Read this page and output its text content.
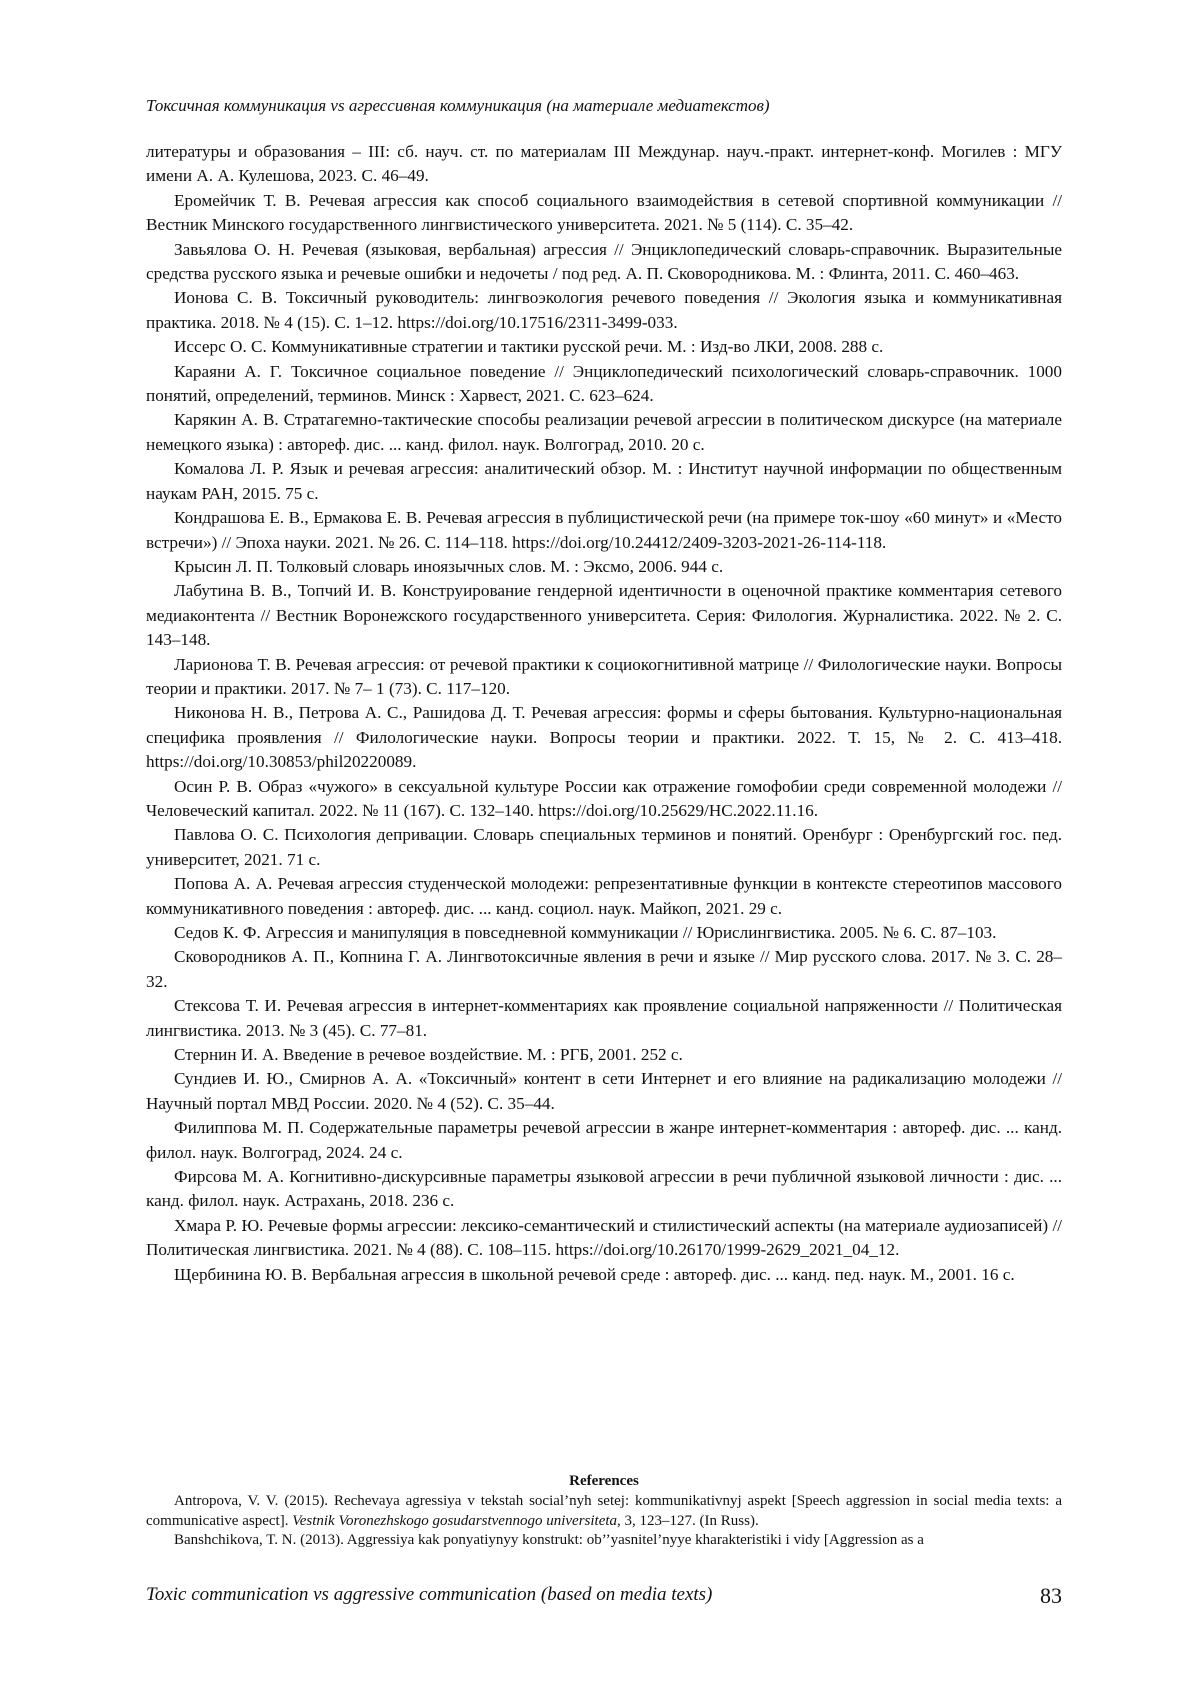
Токсичная коммуникация vs агрессивная коммуникация (на материале медиатекстов)

литературы и образования – III: сб. науч. ст. по материалам III Междунар. науч.-практ. интернет-конф. Могилев : МГУ имени А. А. Кулешова, 2023. С. 46–49.

Еромейчик Т. В. Речевая агрессия как способ социального взаимодействия в сетевой спортивной коммуникации // Вестник Минского государственного лингвистического университета. 2021. № 5 (114). С. 35–42.

Завьялова О. Н. Речевая (языковая, вербальная) агрессия // Энциклопедический словарь-справочник. Выразительные средства русского языка и речевые ошибки и недочеты / под ред. А. П. Сковородникова. М. : Флинта, 2011. С. 460–463.

Ионова С. В. Токсичный руководитель: лингвоэкология речевого поведения // Экология языка и коммуникативная практика. 2018. № 4 (15). С. 1–12. https://doi.org/10.17516/2311-3499-033.

Иссерс О. С. Коммуникативные стратегии и тактики русской речи. М. : Изд-во ЛКИ, 2008. 288 с.

Караяни А. Г. Токсичное социальное поведение // Энциклопедический психологический словарь-справочник. 1000 понятий, определений, терминов. Минск : Харвест, 2021. С. 623–624.

Карякин А. В. Стратагемно-тактические способы реализации речевой агрессии в политическом дискурсе (на материале немецкого языка) : автореф. дис. ... канд. филол. наук. Волгоград, 2010. 20 с.

Комалова Л. Р. Язык и речевая агрессия: аналитический обзор. М. : Институт научной информации по общественным наукам РАН, 2015. 75 с.

Кондрашова Е. В., Ермакова Е. В. Речевая агрессия в публицистической речи (на примере ток-шоу «60 минут» и «Место встречи») // Эпоха науки. 2021. № 26. С. 114–118. https://doi.org/10.24412/2409-3203-2021-26-114-118.

Крысин Л. П. Толковый словарь иноязычных слов. М. : Эксмо, 2006. 944 с.

Лабутина В. В., Топчий И. В. Конструирование гендерной идентичности в оценочной практике комментария сетевого медиаконтента // Вестник Воронежского государственного университета. Серия: Филология. Журналистика. 2022. № 2. С. 143–148.

Ларионова Т. В. Речевая агрессия: от речевой практики к социокогнитивной матрице // Филологические науки. Вопросы теории и практики. 2017. № 7– 1 (73). С. 117–120.

Никонова Н. В., Петрова А. С., Рашидова Д. Т. Речевая агрессия: формы и сферы бытования. Культурно-национальная специфика проявления // Филологические науки. Вопросы теории и практики. 2022. Т. 15, № 2. С. 413–418. https://doi.org/10.30853/phil20220089.

Осин Р. В. Образ «чужого» в сексуальной культуре России как отражение гомофобии среди современной молодежи // Человеческий капитал. 2022. № 11 (167). С. 132–140. https://doi.org/10.25629/HC.2022.11.16.

Павлова О. С. Психология депривации. Словарь специальных терминов и понятий. Оренбург : Оренбургский гос. пед. университет, 2021. 71 с.

Попова А. А. Речевая агрессия студенческой молодежи: репрезентативные функции в контексте стереотипов массового коммуникативного поведения : автореф. дис. ... канд. социол. наук. Майкоп, 2021. 29 с.

Седов К. Ф. Агрессия и манипуляция в повседневной коммуникации // Юрислингвистика. 2005. № 6. С. 87–103.

Сковородников А. П., Копнина Г. А. Лингвотоксичные явления в речи и языке // Мир русского слова. 2017. № 3. С. 28–32.

Стексова Т. И. Речевая агрессия в интернет-комментариях как проявление социальной напряженности // Политическая лингвистика. 2013. № 3 (45). С. 77–81.

Стернин И. А. Введение в речевое воздействие. М. : РГБ, 2001. 252 с.

Сундиев И. Ю., Смирнов А. А. «Токсичный» контент в сети Интернет и его влияние на радикализацию молодежи // Научный портал МВД России. 2020. № 4 (52). С. 35–44.

Филиппова М. П. Содержательные параметры речевой агрессии в жанре интернет-комментария : автореф. дис. ... канд. филол. наук. Волгоград, 2024. 24 с.

Фирсова М. А. Когнитивно-дискурсивные параметры языковой агрессии в речи публичной языковой личности : дис. ... канд. филол. наук. Астрахань, 2018. 236 с.

Хмара Р. Ю. Речевые формы агрессии: лексико-семантический и стилистический аспекты (на материале аудиозаписей) // Политическая лингвистика. 2021. № 4 (88). С. 108–115. https://doi.org/10.26170/1999-2629_2021_04_12.

Щербинина Ю. В. Вербальная агрессия в школьной речевой среде : автореф. дис. ... канд. пед. наук. М., 2001. 16 с.

References

Antropova, V. V. (2015). Rechevaya agressiya v tekstah social’nyh setej: kommunikativnyj aspekt [Speech aggression in social media texts: a communicative aspect]. Vestnik Voronezhskogo gosudarstvennogo universiteta, 3, 123–127. (In Russ).

Banshchikova, T. N. (2013). Aggressiya kak ponyatiynyy konstrukt: ob’’yasnitel’nyye kharakteristiki i vidy [Aggression as a

Toxic communication vs aggressive communication (based on media texts)	83
